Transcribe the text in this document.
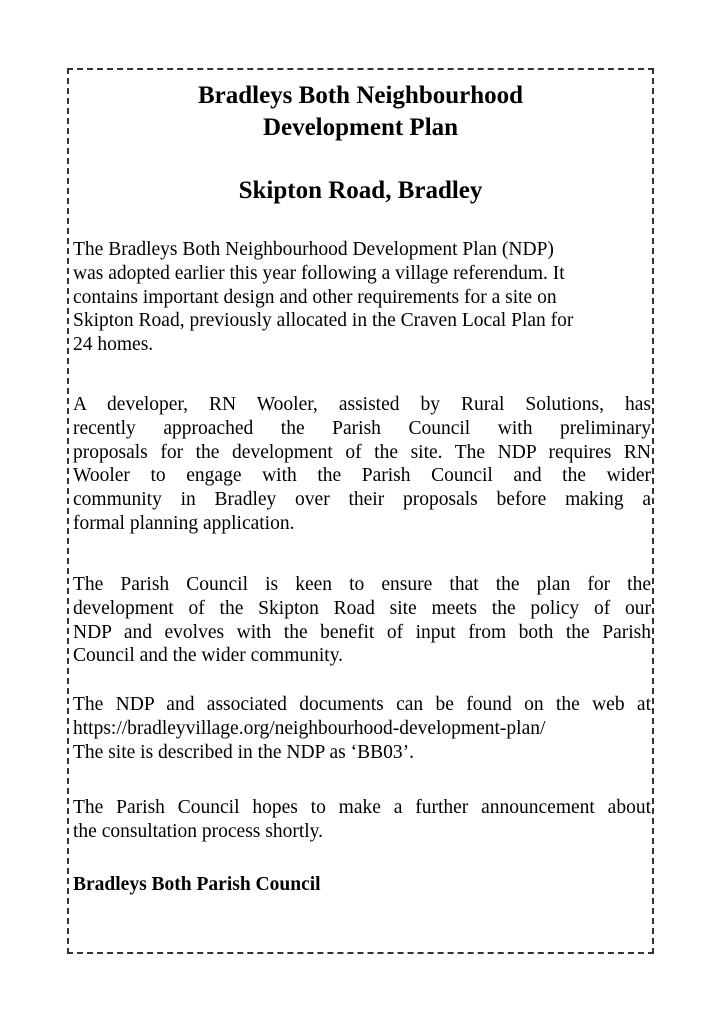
Bradleys Both Neighbourhood
Development Plan
Skipton Road, Bradley
The Bradleys Both Neighbourhood Development Plan (NDP)
was adopted earlier this year following a village referendum. It
contains important design and other requirements for a site on
Skipton Road, previously allocated in the Craven Local Plan for
24 homes.
A developer, RN Wooler, assisted by Rural Solutions, has
recently approached the Parish Council with preliminary
proposals for the development of the site. The NDP requires RN
Wooler to engage with the Parish Council and the wider
community in Bradley over their proposals before making a
formal planning application.
The Parish Council is keen to ensure that the plan for the
development of the Skipton Road site meets the policy of our
NDP and evolves with the benefit of input from both the Parish
Council and the wider community.
The NDP and associated documents can be found on the web at
https://bradleyvillage.org/neighbourhood-development-plan/
The site is described in the NDP as ‘BB03’.
The Parish Council hopes to make a further announcement about
the consultation process shortly.
Bradleys Both Parish Council
